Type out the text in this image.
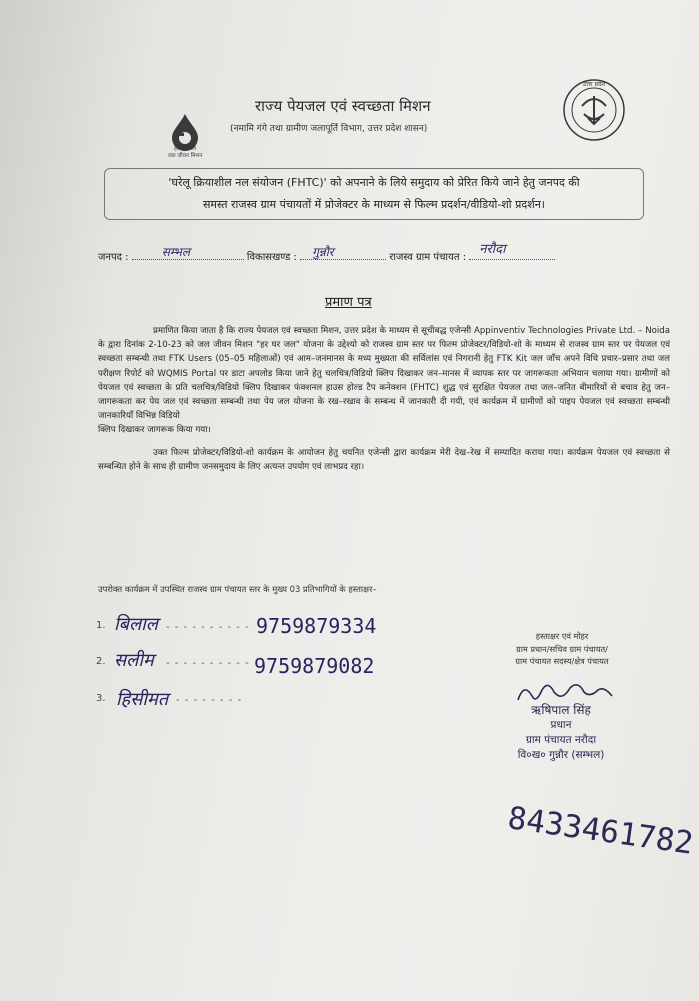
हर घर जल
जल जीवन मिशन
उत्तर प्रदेश
राज्य पेयजल एवं स्वच्छता मिशन
(नमामि गंगे तथा ग्रामीण जलापूर्ति विभाग, उत्तर प्रदेश शासन)
'घरेलू क्रियाशील नल संयोजन (FHTC)' को अपनाने के लिये समुदाय को प्रेरित किये जाने हेतु जनपद की
समस्त राजस्व ग्राम पंचायतों में प्रोजेक्टर के माध्यम से फिल्म प्रदर्शन/वीडियो-शो प्रदर्शन।
जनपद :	सम्भल	विकासखण्ड : गुन्नौर	राजस्व ग्राम पंचायत :
नरौदा
प्रमाण पत्र

प्रमाणित किया जाता है कि राज्य पेयजल एवं स्वच्छता मिशन, उत्तर प्रदेश के माध्यम से सूचीबद्ध एजेन्सी Appinventiv Technologies Private Ltd. – Noida के द्वारा दिनांक 2-10-23 को जल जीवन मिशन "हर घर जल" योजना के उद्देश्यो को राजस्व ग्राम स्तर पर फिल्म प्रोजेक्टर/विडियो-शो के माध्यम से राजस्व ग्राम स्तर पर पेयजल एवं स्वच्छता सम्बन्धी तथा FTK Users (05–05 महिलाओं) एवं आम–जनमानस के मध्य मुख्यता की सर्विलांस एवं निगरानी हेतु FTK Kit जल जाँच अपने विधि प्रचार–प्रसार तथा जल परीक्षण रिपोर्ट को WQMIS Portal पर डाटा अपलोड किया जाने हेतु चलचित्र/विडियो क्लिप दिखाकर जन–मानस में व्यापक स्तर पर जागरूकता अभियान चलाया गया। ग्रामीणों को पेयजल एवं स्वच्छता के प्रति चलचित्र/विडियो क्लिप दिखाकर फंक्शनल हाउस होल्ड टैप कनेक्शन (FHTC) शुद्ध एवं सुरक्षित पेयजल तथा जल–जनित बीमारियों से बचाव हेतु जन–जागरूकता कर पेय जल एवं स्वच्छता सम्बन्धी तथा पेय जल योजना के रख–रखाव के सम्बन्ध में जानकारी दी गयी, एवं कार्यक्रम में ग्रामीणों को पाइप पेयजल एवं स्वच्छता सम्बन्धी जानकारियाँ विभिन्न विडियो

क्लिप दिखाकर जागरूक किया गया।

उक्त फिल्म प्रोजेक्टर/विडियो-शो कार्यक्रम के आयोजन हेतु चयनित एजेन्सी द्वारा कार्यक्रम मेरी देख–रेख में सम्पादित कराया गया। कार्यक्रम पेयजल एवं स्वच्छता से सम्बन्धित होने के साथ ही ग्रामीण जनसमुदाय के लिए अत्यन्त उपयोग एवं लाभप्रद रहा।

उपरोक्त कार्यक्रम में उपस्थित राजस्व ग्राम पंचायत स्तर के मुख्य 03 प्रतिभागियों के हस्ताक्षर–
1. बिलाल - - - - - - - - - - 9759879334
2. सलीम - - - - - - - - - - 9759879082
3. हिसीमत - - - - - - - -
हस्ताक्षर एवं मोहर
ग्राम प्रधान/सचिव ग्राम पंचायत/
ग्राम पंचायत सदस्य/क्षेत्र पंचायत
ऋषिपाल सिंह
प्रधान
ग्राम पंचायत नरौदा
वि०ख० गुन्नौर (सम्भल)
8433461782
